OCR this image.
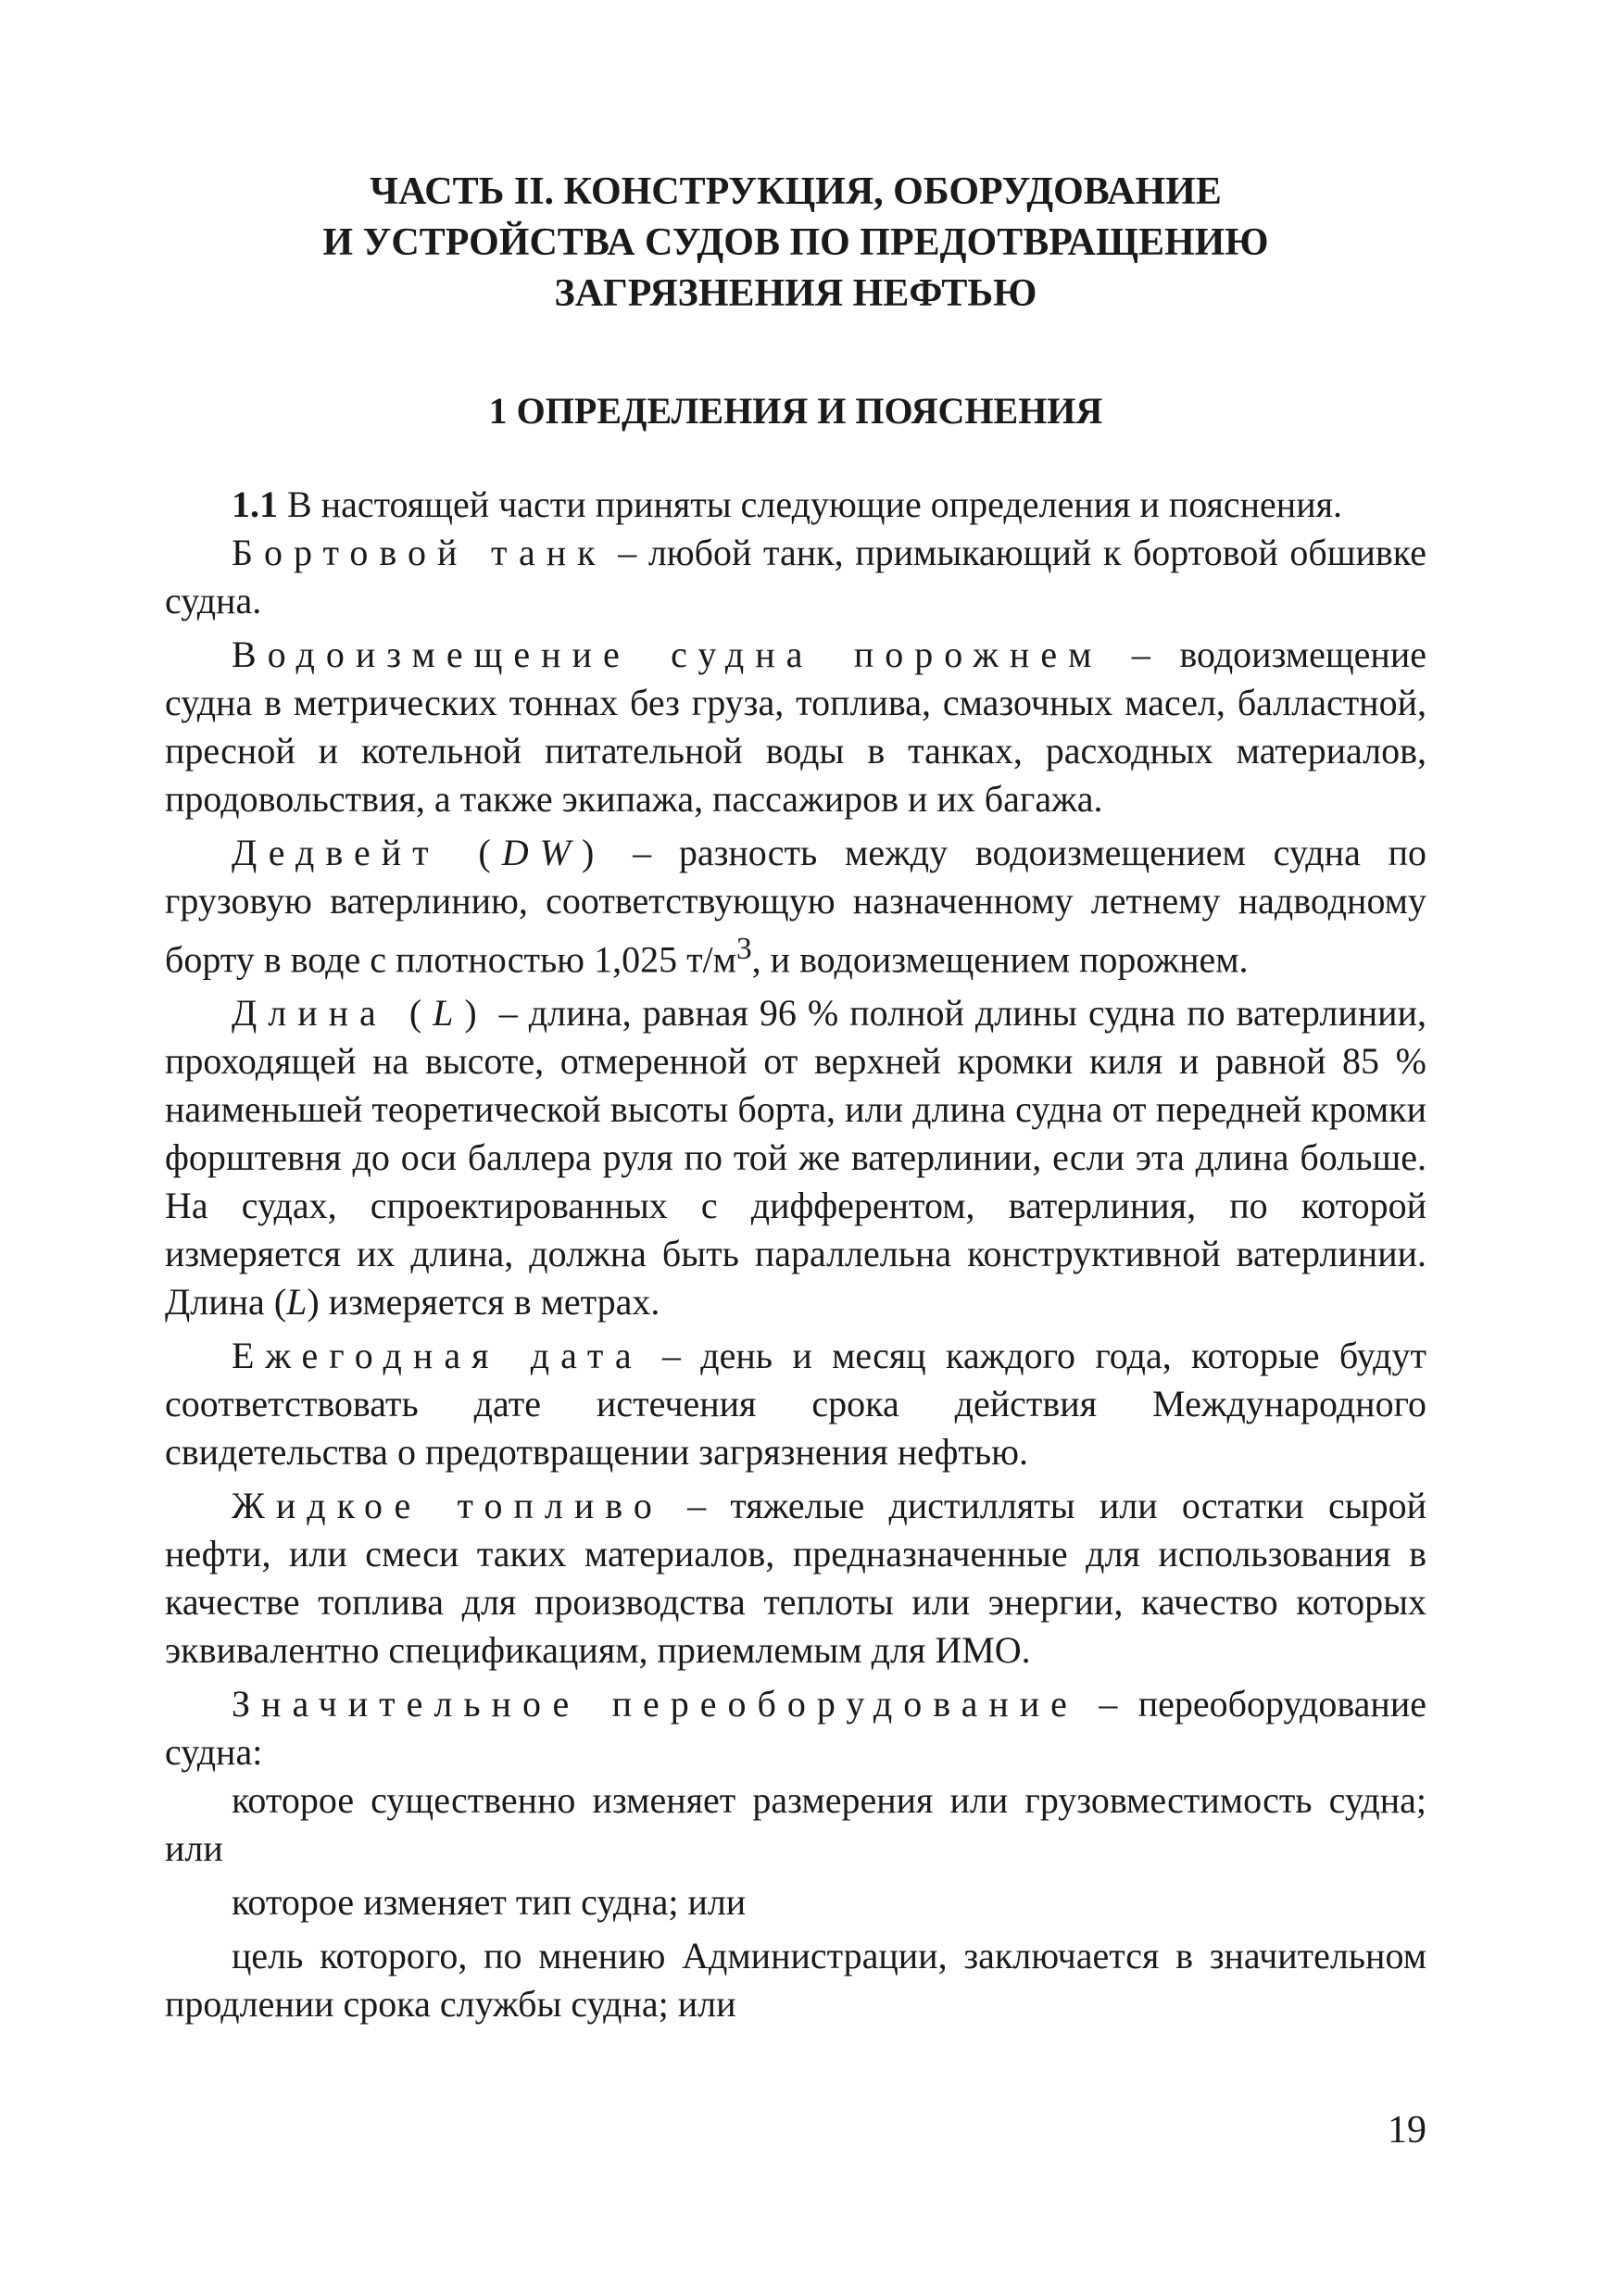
ЧАСТЬ II. КОНСТРУКЦИЯ, ОБОРУДОВАНИЕ
И УСТРОЙСТВА СУДОВ ПО ПРЕДОТВРАЩЕНИЮ
ЗАГРЯЗНЕНИЯ НЕФТЬЮ
1 ОПРЕДЕЛЕНИЯ И ПОЯСНЕНИЯ

1.1 В настоящей части приняты следующие определения и пояснения.

Бортовой танк – любой танк, примыкающий к бортовой обшивке судна.

Водоизмещение судна порожнем – водоизмещение судна в метрических тоннах без груза, топлива, смазочных масел, балластной, пресной и котельной питательной воды в танках, расходных материалов, продовольствия, а также экипажа, пассажиров и их багажа.

Дедвейт (DW) – разность между водоизмещением судна по грузовую ватерлинию, соответствующую назначенному летнему надводному борту в воде с плотностью 1,025 $т/м^3$, и водоизмещением порожнем.

Длина (L) – длина, равная 96 % полной длины судна по ватерлинии, проходящей на высоте, отмеренной от верхней кромки киля и равной 85 % наименьшей теоретической высоты борта, или длина судна от передней кромки форштевня до оси баллера руля по той же ватерлинии, если эта длина больше. На судах, спроектированных с дифферентом, ватерлиния, по которой измеряется их длина, должна быть параллельна конструктивной ватерлинии. Длина (L) измеряется в метрах.

Ежегодная дата – день и месяц каждого года, которые будут соответствовать дате истечения срока действия Международного свидетельства о предотвращении загрязнения нефтью.

Жидкое топливо – тяжелые дистилляты или остатки сырой нефти, или смеси таких материалов, предназначенные для использования в качестве топлива для производства теплоты или энергии, качество которых эквивалентно спецификациям, приемлемым для ИМО.

Значительное переоборудование – переоборудование судна:

которое существенно изменяет размерения или грузовместимость судна; или

которое изменяет тип судна; или

цель которого, по мнению Администрации, заключается в значительном продлении срока службы судна; или

19
